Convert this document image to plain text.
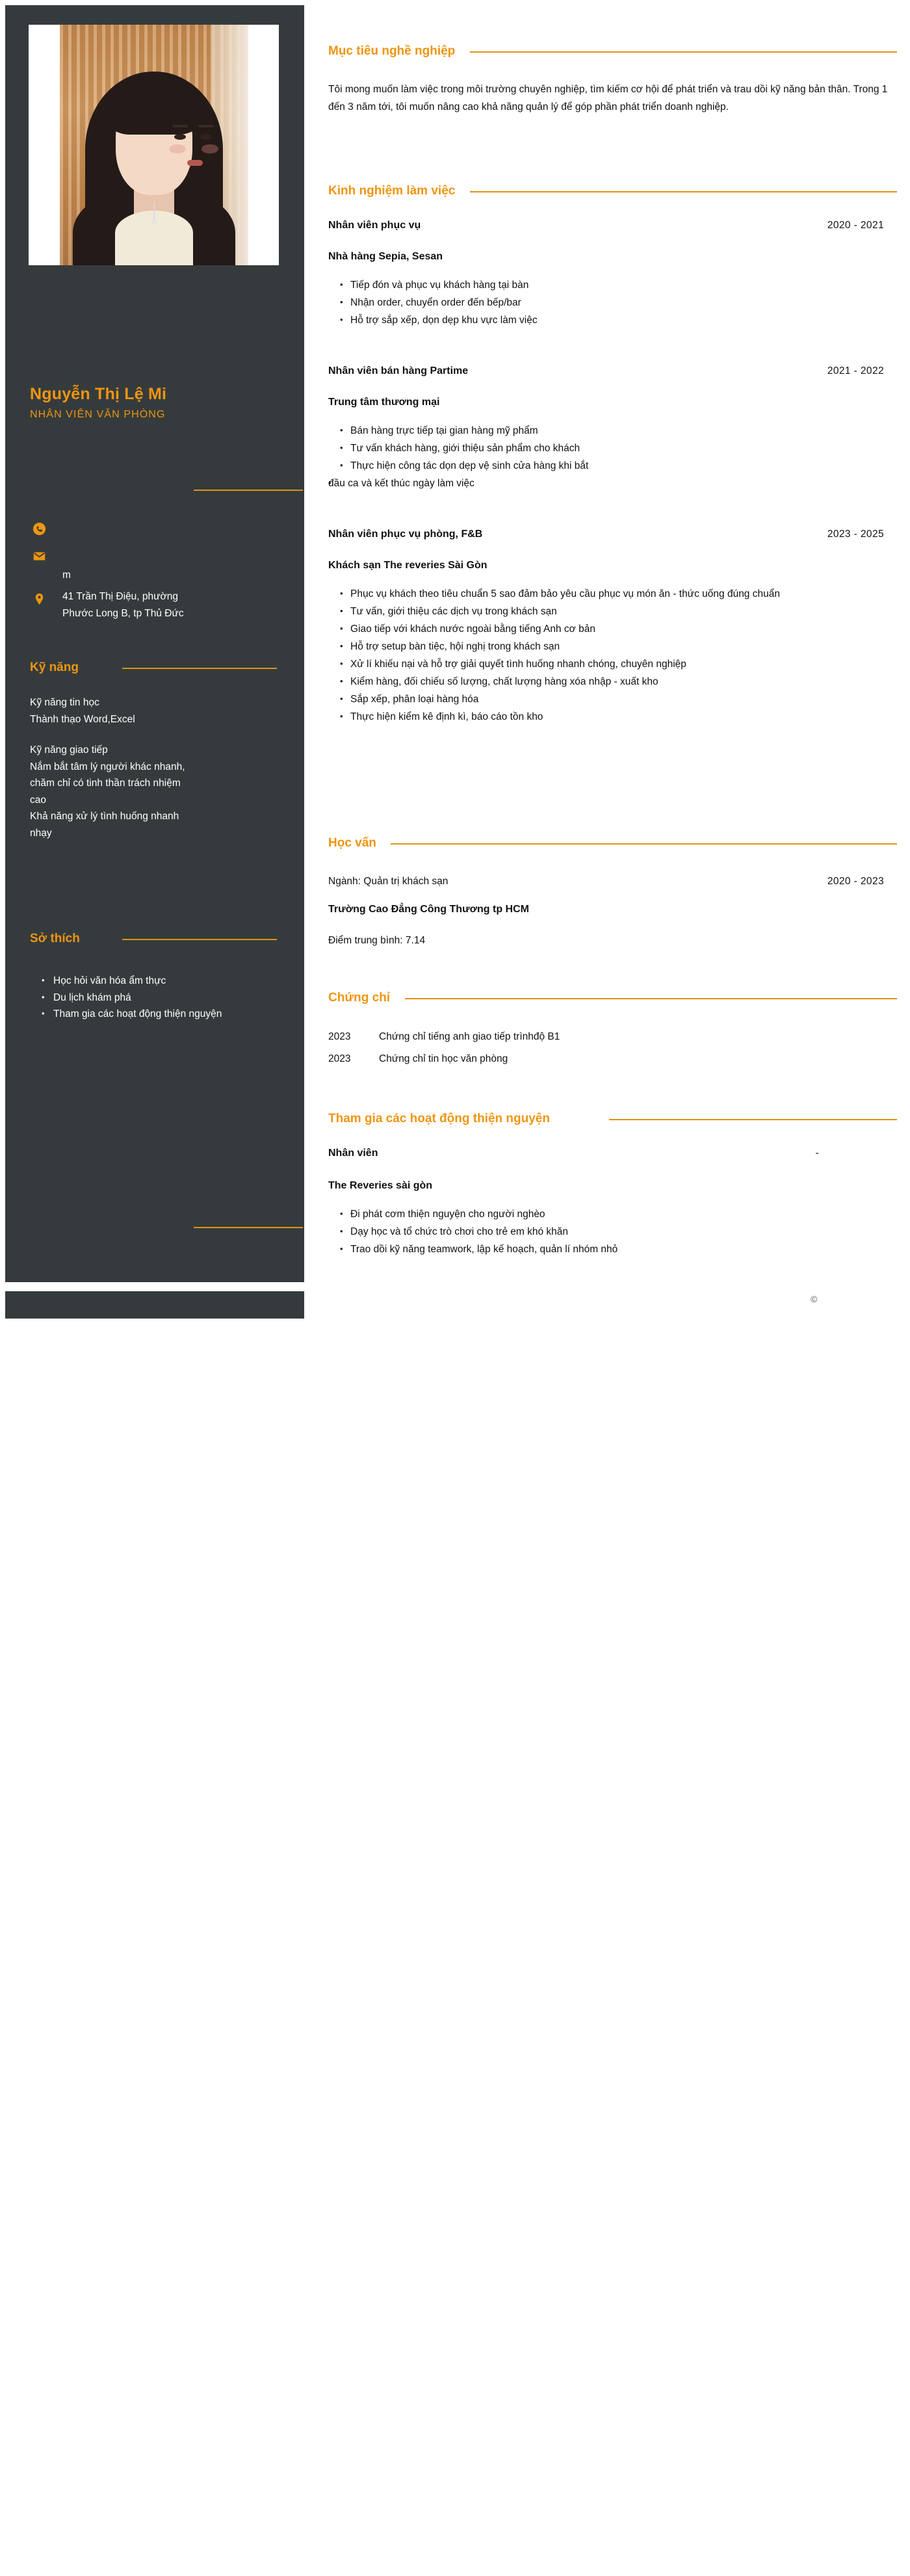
Nguyễn Thị Lệ Mi
NHÂN VIÊN VĂN PHÒNG
m
41 Trần Thị Điệu, phường
Phước Long B, tp Thủ Đức
Kỹ năng
Kỹ năng tin học
Thành thạo Word,Excel
Kỹ năng giao tiếp
Nắm bắt tâm lý người khác nhanh,
chăm chỉ có tinh thần trách nhiệm
cao
Khả năng xử lý tình huống nhanh
nhạy
Sở thích
• Học hỏi văn hóa ẩm thực
• Du lịch khám phá
• Tham gia các hoạt động thiện nguyện
Mục tiêu nghề nghiệp
Tôi mong muốn làm việc trong môi trường chuyên nghiệp, tìm kiếm cơ hội để phát triển và trau dồi kỹ năng bản thân. Trong 1 đến 3 năm tới, tôi muốn nâng cao khả năng quản lý để góp phần phát triển doanh nghiệp.
Kinh nghiệm làm việc
Nhân viên phục vụ	2020 - 2021
Nhà hàng Sepia, Sesan
• Tiếp đón và phục vụ khách hàng tại bàn
• Nhận order, chuyển order đến bếp/bar
• Hỗ trợ sắp xếp, dọn dẹp khu vực làm việc
Nhân viên bán hàng Partime	2021 - 2022
Trung tâm thương mại
• Bán hàng trực tiếp tại gian hàng mỹ phẩm
• Tư vấn khách hàng, giới thiệu sản phẩm cho khách
• Thực hiện công tác dọn dẹp vệ sinh cửa hàng khi bắt
• đầu ca và kết thúc ngày làm việc
Nhân viên phục vụ phòng, F&B	2023 - 2025
Khách sạn The reveries Sài Gòn
• Phục vụ khách theo tiêu chuẩn 5 sao đảm bảo yêu cầu phục vụ món ăn - thức uống đúng chuẩn
• Tư vấn, giới thiệu các dịch vụ trong khách sạn
• Giao tiếp với khách nước ngoài bằng tiếng Anh cơ bản
• Hỗ trợ setup bàn tiệc, hội nghị trong khách sạn
• Xử lí khiếu nại và hỗ trợ giải quyết tình huống nhanh chóng, chuyên nghiệp
• Kiểm hàng, đối chiếu số lượng, chất lượng hàng xóa nhập - xuất kho
• Sắp xếp, phân loại hàng hóa
• Thực hiện kiểm kê định kì, báo cáo tồn kho
Học vấn
Ngành: Quản trị khách sạn	2020 - 2023
Trường Cao Đẳng Công Thương tp HCM
Điểm trung bình: 7.14
Chứng chỉ
2023	Chứng chỉ tiếng anh giao tiếp trìnhđộ B1
2023	Chứng chỉ tin học văn phòng
Tham gia các hoạt động thiện nguyện
Nhân viên	-
The Reveries sài gòn
• Đi phát cơm thiện nguyện cho người nghèo
• Dạy học và tổ chức trò chơi cho trẻ em khó khăn
• Trao dồi kỹ năng teamwork, lập kế hoạch, quản lí nhóm nhỏ
©
